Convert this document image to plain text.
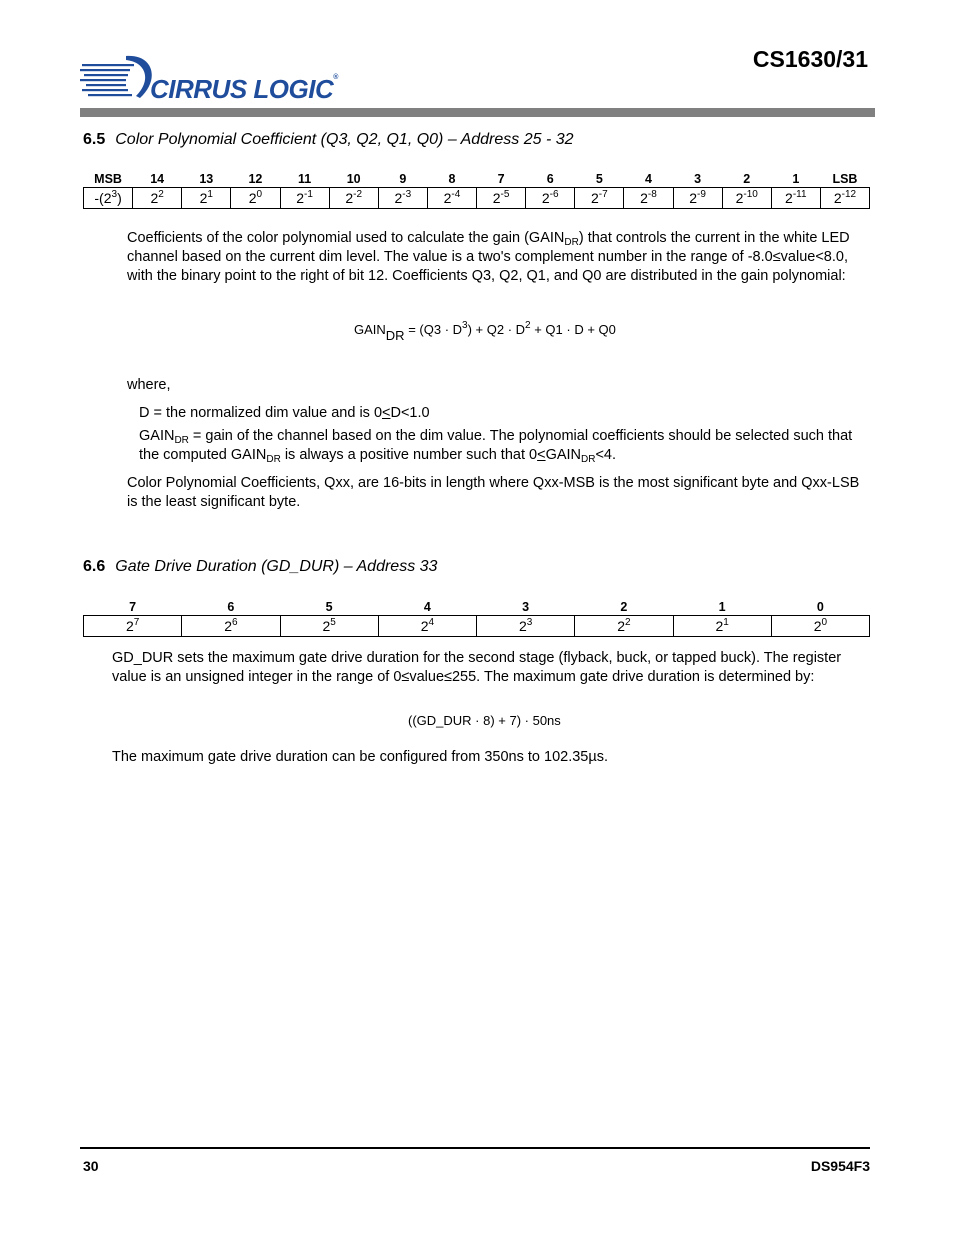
CIRRUS LOGIC®
CS1630/31
6.5 Color Polynomial Coefficient (Q3, Q2, Q1, Q0) – Address 25 - 32
MSB	14	13	12	11	10	9	8	7	6	5	4	3	2	1	LSB
$-(2^3)$	$2^2$	$2^1$	$2^0$	$2^{-1}$	$2^{-2}$	$2^{-3}$	$2^{-4}$	$2^{-5}$	$2^{-6}$	$2^{-7}$	$2^{-8}$	$2^{-9}$	$2^{-10}$	$2^{-11}$	$2^{-12}$

Coefficients of the color polynomial used to calculate the gain $(GAIN_{DR})$ that controls the current in the white LED channel based on the current dim level. The value is a two's complement number in the range of -8.0≤value<8.0, with the binary point to the right of bit 12. Coefficients Q3, Q2, Q1, and Q0 are distributed in the gain polynomial:

$GAIN_{DR} = (Q3 \cdot D^3) + Q2 \cdot D^2 + Q1 \cdot D + Q0$

where,

D = the normalized dim value and is 0<D<1.0

$GAIN_{DR}$ = gain of the channel based on the dim value. The polynomial coefficients should be selected such that the computed $GAIN_{DR}$ is always a positive number such that $0<GAIN_{DR}<4$.

Color Polynomial Coefficients, Qxx, are 16-bits in length where Qxx-MSB is the most significant byte and Qxx-LSB is the least significant byte.

6.6 Gate Drive Duration (GD_DUR) – Address 33
7	6	5	4	3	2	1	0
$2^7$	$2^6$	$2^5$	$2^4$	$2^3$	$2^2$	$2^1$	$2^0$

GD_DUR sets the maximum gate drive duration for the second stage (flyback, buck, or tapped buck). The register value is an unsigned integer in the range of 0≤value≤255. The maximum gate drive duration is determined by:

((GD_DUR · 8) + 7) · 50ns

The maximum gate drive duration can be configured from 350ns to 102.35µs.

30	DS954F3
